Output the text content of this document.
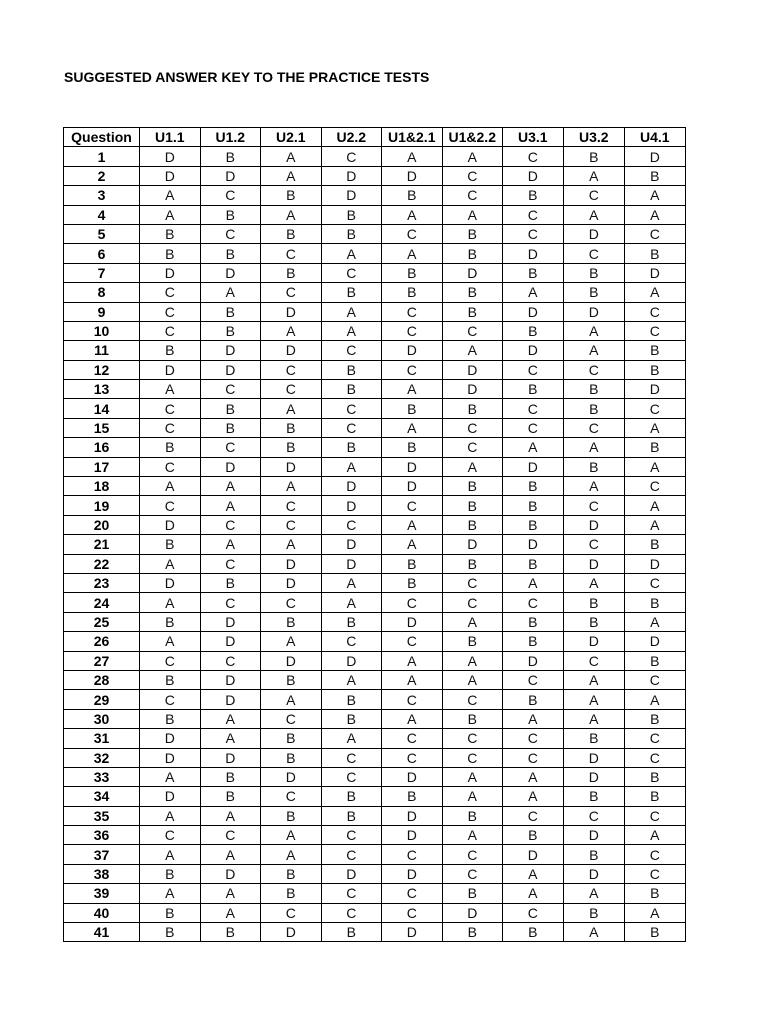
SUGGESTED ANSWER KEY TO THE PRACTICE TESTS
Question	U1.1	U1.2	U2.1	U2.2	U1&2.1	U1&2.2	U3.1	U3.2	U4.1
1	D	B	A	C	A	A	C	B	D
2	D	D	A	D	D	C	D	A	B
3	A	C	B	D	B	C	B	C	A
4	A	B	A	B	A	A	C	A	A
5	B	C	B	B	C	B	C	D	C
6	B	B	C	A	A	B	D	C	B
7	D	D	B	C	B	D	B	B	D
8	C	A	C	B	B	B	A	B	A
9	C	B	D	A	C	B	D	D	C
10	C	B	A	A	C	C	B	A	C
11	B	D	D	C	D	A	D	A	B
12	D	D	C	B	C	D	C	C	B
13	A	C	C	B	A	D	B	B	D
14	C	B	A	C	B	B	C	B	C
15	C	B	B	C	A	C	C	C	A
16	B	C	B	B	B	C	A	A	B
17	C	D	D	A	D	A	D	B	A
18	A	A	A	D	D	B	B	A	C
19	C	A	C	D	C	B	B	C	A
20	D	C	C	C	A	B	B	D	A
21	B	A	A	D	A	D	D	C	B
22	A	C	D	D	B	B	B	D	D
23	D	B	D	A	B	C	A	A	C
24	A	C	C	A	C	C	C	B	B
25	B	D	B	B	D	A	B	B	A
26	A	D	A	C	C	B	B	D	D
27	C	C	D	D	A	A	D	C	B
28	B	D	B	A	A	A	C	A	C
29	C	D	A	B	C	C	B	A	A
30	B	A	C	B	A	B	A	A	B
31	D	A	B	A	C	C	C	B	C
32	D	D	B	C	C	C	C	D	C
33	A	B	D	C	D	A	A	D	B
34	D	B	C	B	B	A	A	B	B
35	A	A	B	B	D	B	C	C	C
36	C	C	A	C	D	A	B	D	A
37	A	A	A	C	C	C	D	B	C
38	B	D	B	D	D	C	A	D	C
39	A	A	B	C	C	B	A	A	B
40	B	A	C	C	C	D	C	B	A
41	B	B	D	B	D	B	B	A	B
